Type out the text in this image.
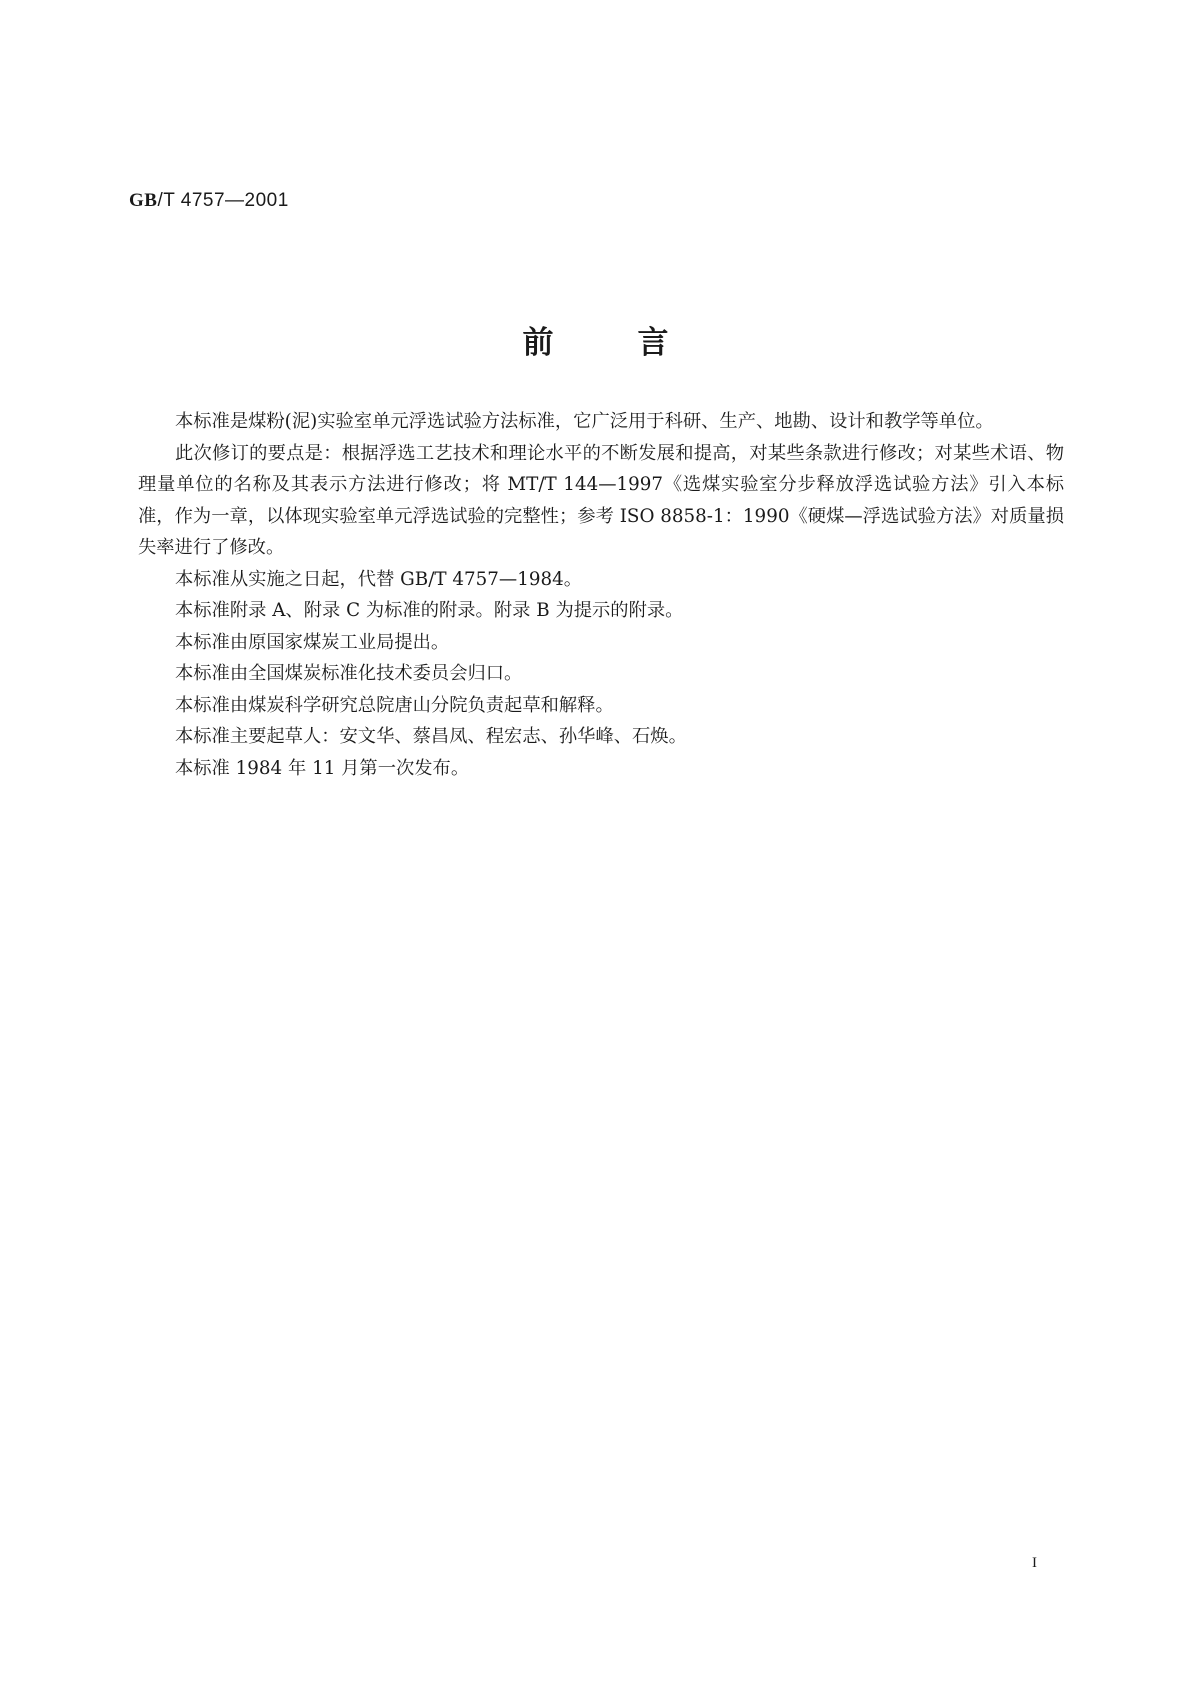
GB/T 4757—2001
前言

本标准是煤粉(泥)实验室单元浮选试验方法标准，它广泛用于科研、生产、地勘、设计和教学等单位。

此次修订的要点是：根据浮选工艺技术和理论水平的不断发展和提高，对某些条款进行修改；对某些术语、物理量单位的名称及其表示方法进行修改；将 MT/T 144—1997《选煤实验室分步释放浮选试验方法》引入本标准，作为一章，以体现实验室单元浮选试验的完整性；参考 ISO 8858-1：1990《硬煤—浮选试验方法》对质量损失率进行了修改。

本标准从实施之日起，代替 GB/T 4757—1984。

本标准附录 A、附录 C 为标准的附录。附录 B 为提示的附录。

本标准由原国家煤炭工业局提出。

本标准由全国煤炭标准化技术委员会归口。

本标准由煤炭科学研究总院唐山分院负责起草和解释。

本标准主要起草人：安文华、蔡昌凤、程宏志、孙华峰、石焕。

本标准 1984 年 11 月第一次发布。

I
